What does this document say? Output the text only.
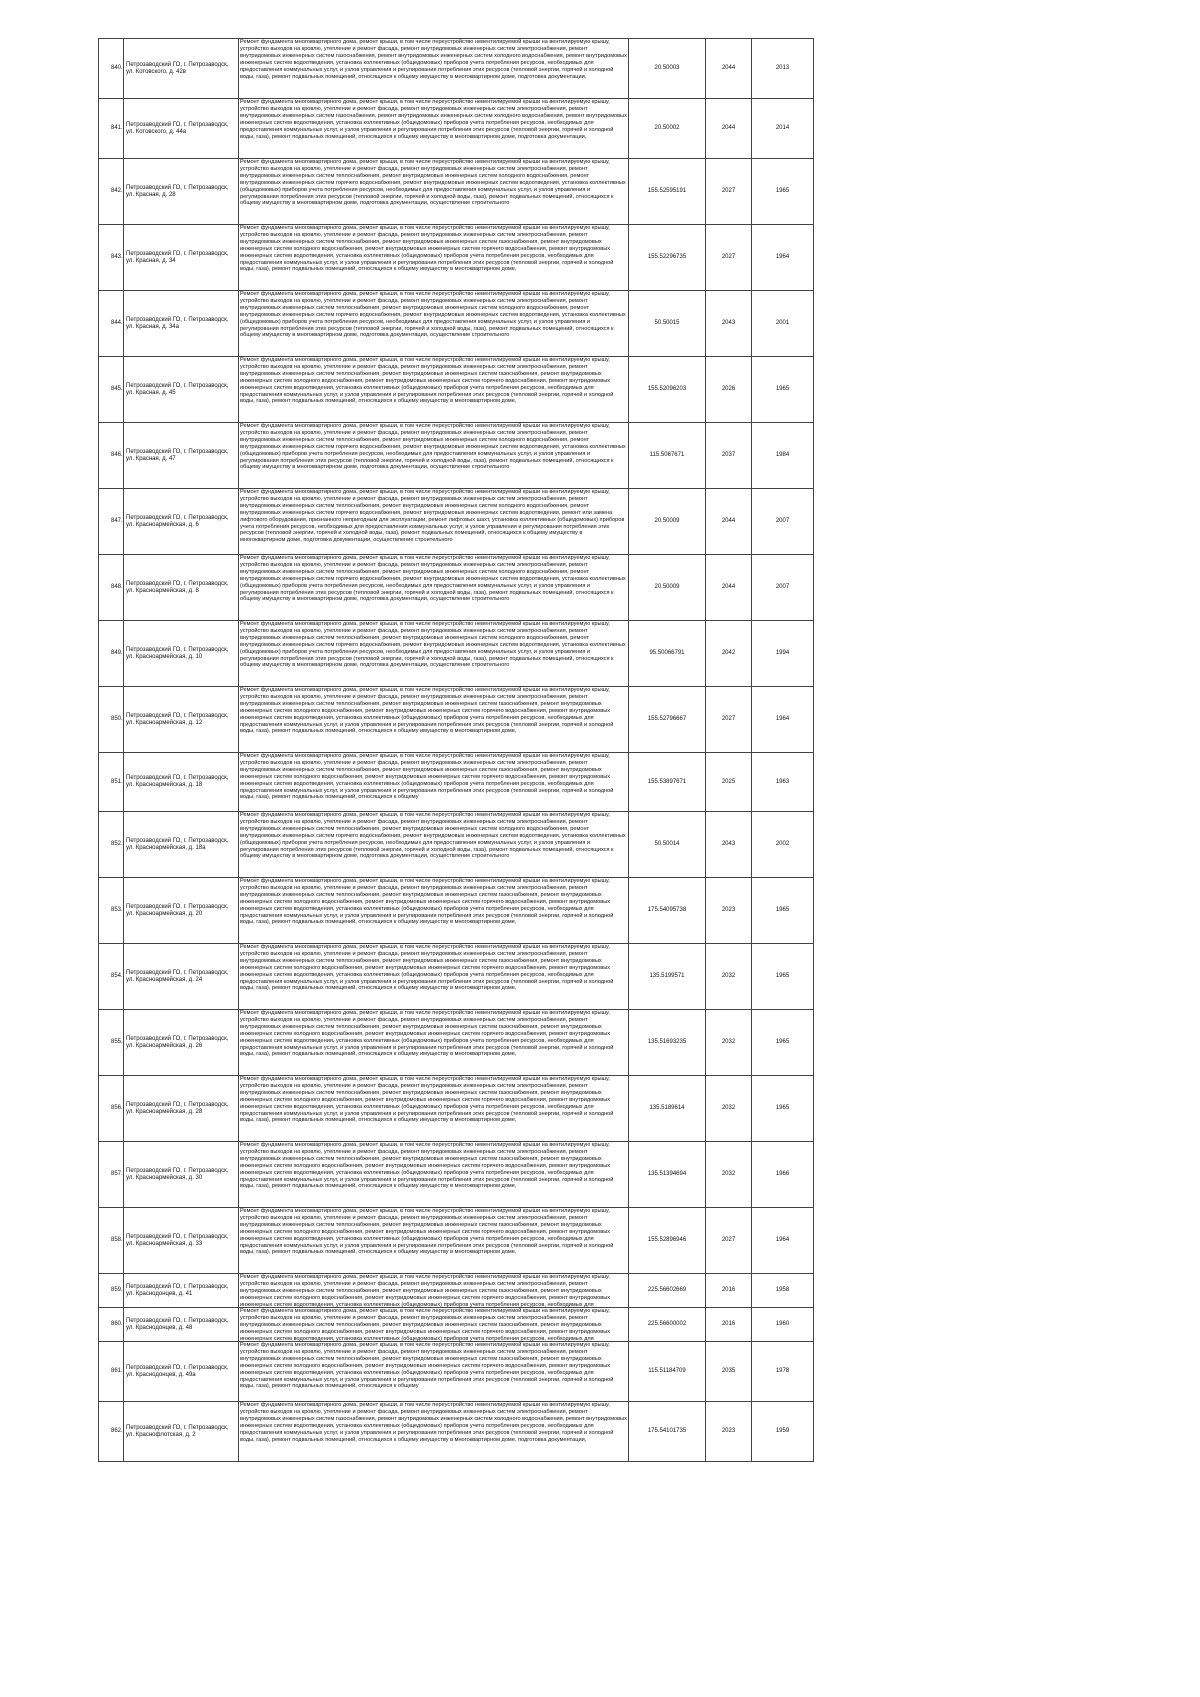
840.	Петрозаводский ГО, г. Петрозаводск, ул. Котовского, д. 42в	Ремонт фундамента многоквартирного дома, ремонт крыши, в том числе переустройство невентилируемой крыши на вентилируемую крышу, устройство выходов на кровлю, утепление и ремонт фасада, ремонт внутридомовых инженерных систем электроснабжения, ремонт внутридомовых инженерных систем газоснабжения, ремонт внутридомовых инженерных систем холодного водоснабжения, ремонт внутридомовых инженерных систем водоотведения, установка коллективных (общедомовых) приборов учета потребления ресурсов, необходимых для предоставления коммунальных услуг, и узлов управления и регулирования потребления этих ресурсов (тепловой энергии, горячей и холодной воды, газа), ремонт подвальных помещений, относящихся к общему имуществу в многоквартирном доме, подготовка документации,	20.50003	2044	2013
841.	Петрозаводский ГО, г. Петрозаводск, ул. Котовского, д. 44а	Ремонт фундамента многоквартирного дома, ремонт крыши, в том числе переустройство невентилируемой крыши на вентилируемую крышу, устройство выходов на кровлю, утепление и ремонт фасада, ремонт внутридомовых инженерных систем электроснабжения, ремонт внутридомовых инженерных систем газоснабжения, ремонт внутридомовых инженерных систем холодного водоснабжения, ремонт внутридомовых инженерных систем водоотведения, установка коллективных (общедомовых) приборов учета потребления ресурсов, необходимых для предоставления коммунальных услуг, и узлов управления и регулирования потребления этих ресурсов (тепловой энергии, горячей и холодной воды, газа), ремонт подвальных помещений, относящихся к общему имуществу в многоквартирном доме, подготовка документации,	20.50002	2044	2014
842.	Петрозаводский ГО, г. Петрозаводск, ул. Красная, д. 28	Ремонт фундамента многоквартирного дома, ремонт крыши, в том числе переустройство невентилируемой крыши на вентилируемую крышу, устройство выходов на кровлю, утепление и ремонт фасада, ремонт внутридомовых инженерных систем электроснабжения, ремонт внутридомовых инженерных систем теплоснабжения, ремонт внутридомовых инженерных систем холодного водоснабжения, ремонт внутридомовых инженерных систем горячего водоснабжения, ремонт внутридомовых инженерных систем водоотведения, установка коллективных (общедомовых) приборов учета потребления ресурсов, необходимых для предоставления коммунальных услуг, и узлов управления и регулирования потребления этих ресурсов (тепловой энергии, горячей и холодной воды, газа), ремонт подвальных помещений, относящихся к общему имуществу в многоквартирном доме, подготовка документации, осуществление строительного	155.52595191	2027	1965
843.	Петрозаводский ГО, г. Петрозаводск, ул. Красная, д. 34	Ремонт фундамента многоквартирного дома, ремонт крыши, в том числе переустройство невентилируемой крыши на вентилируемую крышу, устройство выходов на кровлю, утепление и ремонт фасада, ремонт внутридомовых инженерных систем электроснабжения, ремонт внутридомовых инженерных систем теплоснабжения, ремонт внутридомовых инженерных систем газоснабжения, ремонт внутридомовых инженерных систем холодного водоснабжения, ремонт внутридомовых инженерных систем горячего водоснабжения, ремонт внутридомовых инженерных систем водоотведения, установка коллективных (общедомовых) приборов учета потребления ресурсов, необходимых для предоставления коммунальных услуг, и узлов управления и регулирования потребления этих ресурсов (тепловой энергии, горячей и холодной воды, газа), ремонт подвальных помещений, относящихся к общему имуществу в многоквартирном доме,	155.52296735	2027	1964
844.	Петрозаводский ГО, г. Петрозаводск, ул. Красная, д. 34а	Ремонт фундамента многоквартирного дома, ремонт крыши, в том числе переустройство невентилируемой крыши на вентилируемую крышу, устройство выходов на кровлю, утепление и ремонт фасада, ремонт внутридомовых инженерных систем электроснабжения, ремонт внутридомовых инженерных систем теплоснабжения, ремонт внутридомовых инженерных систем холодного водоснабжения, ремонт внутридомовых инженерных систем горячего водоснабжения, ремонт внутридомовых инженерных систем водоотведения, установка коллективных (общедомовых) приборов учета потребления ресурсов, необходимых для предоставления коммунальных услуг, и узлов управления и регулирования потребления этих ресурсов (тепловой энергии, горячей и холодной воды, газа), ремонт подвальных помещений, относящихся к общему имуществу в многоквартирном доме, подготовка документации, осуществление строительного	50.50015	2043	2001
845.	Петрозаводский ГО, г. Петрозаводск, ул. Красная, д. 45	Ремонт фундамента многоквартирного дома, ремонт крыши, в том числе переустройство невентилируемой крыши на вентилируемую крышу, устройство выходов на кровлю, утепление и ремонт фасада, ремонт внутридомовых инженерных систем электроснабжения, ремонт внутридомовых инженерных систем теплоснабжения, ремонт внутридомовых инженерных систем газоснабжения, ремонт внутридомовых инженерных систем холодного водоснабжения, ремонт внутридомовых инженерных систем горячего водоснабжения, ремонт внутридомовых инженерных систем водоотведения, установка коллективных (общедомовых) приборов учета потребления ресурсов, необходимых для предоставления коммунальных услуг, и узлов управления и регулирования потребления этих ресурсов (тепловой энергии, горячей и холодной воды, газа), ремонт подвальных помещений, относящихся к общему имуществу в многоквартирном доме,	155.52096203	2026	1965
846.	Петрозаводский ГО, г. Петрозаводск, ул. Красная, д. 47	Ремонт фундамента многоквартирного дома, ремонт крыши, в том числе переустройство невентилируемой крыши на вентилируемую крышу, устройство выходов на кровлю, утепление и ремонт фасада, ремонт внутридомовых инженерных систем электроснабжения, ремонт внутридомовых инженерных систем теплоснабжения, ремонт внутридомовых инженерных систем холодного водоснабжения, ремонт внутридомовых инженерных систем горячего водоснабжения, ремонт внутридомовых инженерных систем водоотведения, установка коллективных (общедомовых) приборов учета потребления ресурсов, необходимых для предоставления коммунальных услуг, и узлов управления и регулирования потребления этих ресурсов (тепловой энергии, горячей и холодной воды, газа), ремонт подвальных помещений, относящихся к общему имуществу в многоквартирном доме, подготовка документации, осуществление строительного	115.5067671	2037	1984
847.	Петрозаводский ГО, г. Петрозаводск, ул. Красноармейская, д. 6	Ремонт фундамента многоквартирного дома, ремонт крыши, в том числе переустройство невентилируемой крыши на вентилируемую крышу, устройство выходов на кровлю, утепление и ремонт фасада, ремонт внутридомовых инженерных систем электроснабжения, ремонт внутридомовых инженерных систем теплоснабжения, ремонт внутридомовых инженерных систем холодного водоснабжения, ремонт внутридомовых инженерных систем горячего водоснабжения, ремонт внутридомовых инженерных систем водоотведения, ремонт или замена лифтового оборудования, признанного непригодным для эксплуатации, ремонт лифтовых шахт, установка коллективных (общедомовых) приборов учета потребления ресурсов, необходимых для предоставления коммунальных услуг, и узлов управления и регулирования потребления этих ресурсов (тепловой энергии, горячей и холодной воды, газа), ремонт подвальных помещений, относящихся к общему имуществу в многоквартирном доме, подготовка документации, осуществление строительного	20.50009	2044	2007
848.	Петрозаводский ГО, г. Петрозаводск, ул. Красноармейская, д. 8	Ремонт фундамента многоквартирного дома, ремонт крыши, в том числе переустройство невентилируемой крыши на вентилируемую крышу, устройство выходов на кровлю, утепление и ремонт фасада, ремонт внутридомовых инженерных систем электроснабжения, ремонт внутридомовых инженерных систем теплоснабжения, ремонт внутридомовых инженерных систем холодного водоснабжения, ремонт внутридомовых инженерных систем горячего водоснабжения, ремонт внутридомовых инженерных систем водоотведения, установка коллективных (общедомовых) приборов учета потребления ресурсов, необходимых для предоставления коммунальных услуг, и узлов управления и регулирования потребления этих ресурсов (тепловой энергии, горячей и холодной воды, газа), ремонт подвальных помещений, относящихся к общему имуществу в многоквартирном доме, подготовка документации, осуществление строительного	20.50009	2044	2007
849.	Петрозаводский ГО, г. Петрозаводск, ул. Красноармейская, д. 10	Ремонт фундамента многоквартирного дома, ремонт крыши, в том числе переустройство невентилируемой крыши на вентилируемую крышу, устройство выходов на кровлю, утепление и ремонт фасада, ремонт внутридомовых инженерных систем электроснабжения, ремонт внутридомовых инженерных систем теплоснабжения, ремонт внутридомовых инженерных систем холодного водоснабжения, ремонт внутридомовых инженерных систем горячего водоснабжения, ремонт внутридомовых инженерных систем водоотведения, установка коллективных (общедомовых) приборов учета потребления ресурсов, необходимых для предоставления коммунальных услуг, и узлов управления и регулирования потребления этих ресурсов (тепловой энергии, горячей и холодной воды, газа), ремонт подвальных помещений, относящихся к общему имуществу в многоквартирном доме, подготовка документации, осуществление строительного	95.50066791	2042	1994
850.	Петрозаводский ГО, г. Петрозаводск, ул. Красноармейская, д. 12	Ремонт фундамента многоквартирного дома, ремонт крыши, в том числе переустройство невентилируемой крыши на вентилируемую крышу, устройство выходов на кровлю, утепление и ремонт фасада, ремонт внутридомовых инженерных систем электроснабжения, ремонт внутридомовых инженерных систем теплоснабжения, ремонт внутридомовых инженерных систем газоснабжения, ремонт внутридомовых инженерных систем холодного водоснабжения, ремонт внутридомовых инженерных систем горячего водоснабжения, ремонт внутридомовых инженерных систем водоотведения, установка коллективных (общедомовых) приборов учета потребления ресурсов, необходимых для предоставления коммунальных услуг, и узлов управления и регулирования потребления этих ресурсов (тепловой энергии, горячей и холодной воды, газа), ремонт подвальных помещений, относящихся к общему имуществу в многоквартирном доме,	155.52796667	2027	1964
851.	Петрозаводский ГО, г. Петрозаводск, ул. Красноармейская, д. 18	Ремонт фундамента многоквартирного дома, ремонт крыши, в том числе переустройство невентилируемой крыши на вентилируемую крышу, устройство выходов на кровлю, утепление и ремонт фасада, ремонт внутридомовых инженерных систем электроснабжения, ремонт внутридомовых инженерных систем теплоснабжения, ремонт внутридомовых инженерных систем газоснабжения, ремонт внутридомовых инженерных систем холодного водоснабжения, ремонт внутридомовых инженерных систем горячего водоснабжения, ремонт внутридомовых инженерных систем водоотведения, установка коллективных (общедомовых) приборов учета потребления ресурсов, необходимых для предоставления коммунальных услуг, и узлов управления и регулирования потребления этих ресурсов (тепловой энергии, горячей и холодной воды, газа), ремонт подвальных помещений, относящихся к общему	155.53897671	2025	1963
852.	Петрозаводский ГО, г. Петрозаводск, ул. Красноармейская, д. 18а	Ремонт фундамента многоквартирного дома, ремонт крыши, в том числе переустройство невентилируемой крыши на вентилируемую крышу, устройство выходов на кровлю, утепление и ремонт фасада, ремонт внутридомовых инженерных систем электроснабжения, ремонт внутридомовых инженерных систем теплоснабжения, ремонт внутридомовых инженерных систем холодного водоснабжения, ремонт внутридомовых инженерных систем горячего водоснабжения, ремонт внутридомовых инженерных систем водоотведения, установка коллективных (общедомовых) приборов учета потребления ресурсов, необходимых для предоставления коммунальных услуг, и узлов управления и регулирования потребления этих ресурсов (тепловой энергии, горячей и холодной воды, газа), ремонт подвальных помещений, относящихся к общему имуществу в многоквартирном доме, подготовка документации, осуществление строительного	50.50014	2043	2002
853.	Петрозаводский ГО, г. Петрозаводск, ул. Красноармейская, д. 20	Ремонт фундамента многоквартирного дома, ремонт крыши, в том числе переустройство невентилируемой крыши на вентилируемую крышу, устройство выходов на кровлю, утепление и ремонт фасада, ремонт внутридомовых инженерных систем электроснабжения, ремонт внутридомовых инженерных систем теплоснабжения, ремонт внутридомовых инженерных систем газоснабжения, ремонт внутридомовых инженерных систем холодного водоснабжения, ремонт внутридомовых инженерных систем горячего водоснабжения, ремонт внутридомовых инженерных систем водоотведения, установка коллективных (общедомовых) приборов учета потребления ресурсов, необходимых для предоставления коммунальных услуг, и узлов управления и регулирования потребления этих ресурсов (тепловой энергии, горячей и холодной воды, газа), ремонт подвальных помещений, относящихся к общему имуществу в многоквартирном доме,	175.54095738	2023	1965
854.	Петрозаводский ГО, г. Петрозаводск, ул. Красноармейская, д. 24	Ремонт фундамента многоквартирного дома, ремонт крыши, в том числе переустройство невентилируемой крыши на вентилируемую крышу, устройство выходов на кровлю, утепление и ремонт фасада, ремонт внутридомовых инженерных систем электроснабжения, ремонт внутридомовых инженерных систем теплоснабжения, ремонт внутридомовых инженерных систем газоснабжения, ремонт внутридомовых инженерных систем холодного водоснабжения, ремонт внутридомовых инженерных систем горячего водоснабжения, ремонт внутридомовых инженерных систем водоотведения, установка коллективных (общедомовых) приборов учета потребления ресурсов, необходимых для предоставления коммунальных услуг, и узлов управления и регулирования потребления этих ресурсов (тепловой энергии, горячей и холодной воды, газа), ремонт подвальных помещений, относящихся к общему имуществу в многоквартирном доме,	135.5199571	2032	1965
855.	Петрозаводский ГО, г. Петрозаводск, ул. Красноармейская, д. 26	Ремонт фундамента многоквартирного дома, ремонт крыши, в том числе переустройство невентилируемой крыши на вентилируемую крышу, устройство выходов на кровлю, утепление и ремонт фасада, ремонт внутридомовых инженерных систем электроснабжения, ремонт внутридомовых инженерных систем теплоснабжения, ремонт внутридомовых инженерных систем газоснабжения, ремонт внутридомовых инженерных систем холодного водоснабжения, ремонт внутридомовых инженерных систем горячего водоснабжения, ремонт внутридомовых инженерных систем водоотведения, установка коллективных (общедомовых) приборов учета потребления ресурсов, необходимых для предоставления коммунальных услуг, и узлов управления и регулирования потребления этих ресурсов (тепловой энергии, горячей и холодной воды, газа), ремонт подвальных помещений, относящихся к общему имуществу в многоквартирном доме,	135.51693235	2032	1965
856.	Петрозаводский ГО, г. Петрозаводск, ул. Красноармейская, д. 28	Ремонт фундамента многоквартирного дома, ремонт крыши, в том числе переустройство невентилируемой крыши на вентилируемую крышу, устройство выходов на кровлю, утепление и ремонт фасада, ремонт внутридомовых инженерных систем электроснабжения, ремонт внутридомовых инженерных систем теплоснабжения, ремонт внутридомовых инженерных систем газоснабжения, ремонт внутридомовых инженерных систем холодного водоснабжения, ремонт внутридомовых инженерных систем горячего водоснабжения, ремонт внутридомовых инженерных систем водоотведения, установка коллективных (общедомовых) приборов учета потребления ресурсов, необходимых для предоставления коммунальных услуг, и узлов управления и регулирования потребления этих ресурсов (тепловой энергии, горячей и холодной воды, газа), ремонт подвальных помещений, относящихся к общему имуществу в многоквартирном доме,	135.5189614	2032	1965
857.	Петрозаводский ГО, г. Петрозаводск, ул. Красноармейская, д. 30	Ремонт фундамента многоквартирного дома, ремонт крыши, в том числе переустройство невентилируемой крыши на вентилируемую крышу, устройство выходов на кровлю, утепление и ремонт фасада, ремонт внутридомовых инженерных систем электроснабжения, ремонт внутридомовых инженерных систем теплоснабжения, ремонт внутридомовых инженерных систем газоснабжения, ремонт внутридомовых инженерных систем холодного водоснабжения, ремонт внутридомовых инженерных систем горячего водоснабжения, ремонт внутридомовых инженерных систем водоотведения, установка коллективных (общедомовых) приборов учета потребления ресурсов, необходимых для предоставления коммунальных услуг, и узлов управления и регулирования потребления этих ресурсов (тепловой энергии, горячей и холодной воды, газа), ремонт подвальных помещений, относящихся к общему имуществу в многоквартирном доме,	135.51394694	2032	1966
858.	Петрозаводский ГО, г. Петрозаводск, ул. Красноармейская, д. 33	Ремонт фундамента многоквартирного дома, ремонт крыши, в том числе переустройство невентилируемой крыши на вентилируемую крышу, устройство выходов на кровлю, утепление и ремонт фасада, ремонт внутридомовых инженерных систем электроснабжения, ремонт внутридомовых инженерных систем теплоснабжения, ремонт внутридомовых инженерных систем газоснабжения, ремонт внутридомовых инженерных систем холодного водоснабжения, ремонт внутридомовых инженерных систем горячего водоснабжения, ремонт внутридомовых инженерных систем водоотведения, установка коллективных (общедомовых) приборов учета потребления ресурсов, необходимых для предоставления коммунальных услуг, и узлов управления и регулирования потребления этих ресурсов (тепловой энергии, горячей и холодной воды, газа), ремонт подвальных помещений, относящихся к общему имуществу в многоквартирном доме,	155.52896946	2027	1964
859.	Петрозаводский ГО, г. Петрозаводск, ул. Краснодонцев, д. 41	Ремонт фундамента многоквартирного дома, ремонт крыши, в том числе переустройство невентилируемой крыши на вентилируемую крышу, устройство выходов на кровлю, утепление и ремонт фасада, ремонт внутридомовых инженерных систем электроснабжения, ремонт внутридомовых инженерных систем теплоснабжения, ремонт внутридомовых инженерных систем газоснабжения, ремонт внутридомовых инженерных систем холодного водоснабжения, ремонт внутридомовых инженерных систем горячего водоснабжения, ремонт внутридомовых инженерных систем водоотведения, установка коллективных (общедомовых) приборов учета потребления ресурсов, необходимых для	225.56602669	2016	1958
860.	Петрозаводский ГО, г. Петрозаводск, ул. Краснодонцев, д. 48	Ремонт фундамента многоквартирного дома, ремонт крыши, в том числе переустройство невентилируемой крыши на вентилируемую крышу, устройство выходов на кровлю, утепление и ремонт фасада, ремонт внутридомовых инженерных систем электроснабжения, ремонт внутридомовых инженерных систем теплоснабжения, ремонт внутридомовых инженерных систем газоснабжения, ремонт внутридомовых инженерных систем холодного водоснабжения, ремонт внутридомовых инженерных систем горячего водоснабжения, ремонт внутридомовых инженерных систем водоотведения, установка коллективных (общедомовых) приборов учета потребления ресурсов, необходимых для	225.56600002	2016	1960
861.	Петрозаводский ГО, г. Петрозаводск, ул. Краснодонцев, д. 49а	Ремонт фундамента многоквартирного дома, ремонт крыши, в том числе переустройство невентилируемой крыши на вентилируемую крышу, устройство выходов на кровлю, утепление и ремонт фасада, ремонт внутридомовых инженерных систем электроснабжения, ремонт внутридомовых инженерных систем теплоснабжения, ремонт внутридомовых инженерных систем газоснабжения, ремонт внутридомовых инженерных систем холодного водоснабжения, ремонт внутридомовых инженерных систем горячего водоснабжения, ремонт внутридомовых инженерных систем водоотведения, установка коллективных (общедомовых) приборов учета потребления ресурсов, необходимых для предоставления коммунальных услуг, и узлов управления и регулирования потребления этих ресурсов (тепловой энергии, горячей и холодной воды, газа), ремонт подвальных помещений, относящихся к общему	115.51184709	2035	1978
862.	Петрозаводский ГО, г. Петрозаводск, ул. Краснофлотская, д. 2	Ремонт фундамента многоквартирного дома, ремонт крыши, в том числе переустройство невентилируемой крыши на вентилируемую крышу, устройство выходов на кровлю, утепление и ремонт фасада, ремонт внутридомовых инженерных систем электроснабжения, ремонт внутридомовых инженерных систем газоснабжения, ремонт внутридомовых инженерных систем холодного водоснабжения, ремонт внутридомовых инженерных систем водоотведения, установка коллективных (общедомовых) приборов учета потребления ресурсов, необходимых для предоставления коммунальных услуг, и узлов управления и регулирования потребления этих ресурсов (тепловой энергии, горячей и холодной воды, газа), ремонт подвальных помещений, относящихся к общему имуществу в многоквартирном доме, подготовка документации,	175.54101735	2023	1959
